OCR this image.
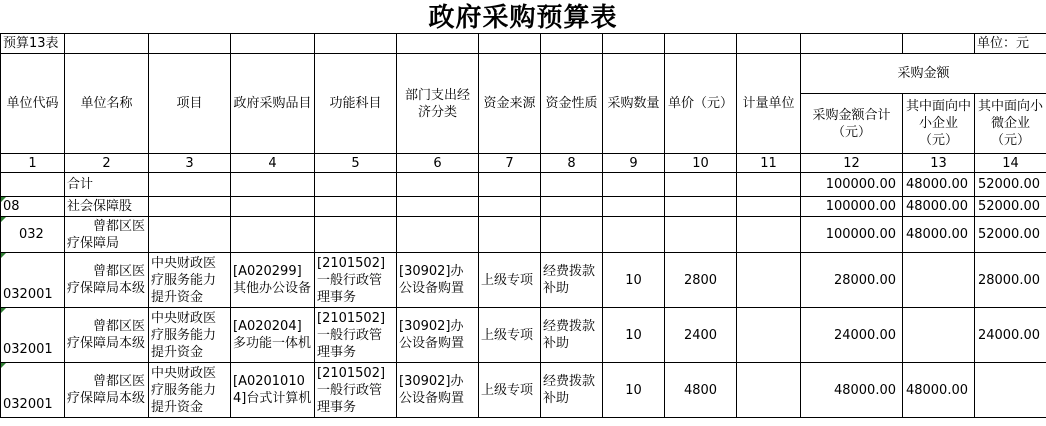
政府采购预算表
预算13表													单位：元
单位代码	单位名称	项目	政府采购品目	功能科目	部门支出经济分类	资金来源	资金性质	采购数量	单价（元）	计量单位	采购金额		
											采购金额合计（元）	其中面向中小企业（元）	其中面向小微企业（元）
1	2	3	4	5	6	7	8	9	10	11	12	13	14
	合计										100000.00	48000.00	52000.00
08	社会保障股										100000.00	48000.00	52000.00
032	曾都区医疗保障局										100000.00	48000.00	52000.00
032001	曾都区医疗保障局本级	中央财政医疗服务能力提升资金	[A020299]其他办公设备	[2101502]一般行政管理事务	[30902]办公设备购置	上级专项	经费拨款补助	10	2800		28000.00		28000.00
032001	曾都区医疗保障局本级	中央财政医疗服务能力提升资金	[A020204]多功能一体机	[2101502]一般行政管理事务	[30902]办公设备购置	上级专项	经费拨款补助	10	2400		24000.00		24000.00
032001	曾都区医疗保障局本级	中央财政医疗服务能力提升资金	[A02010104]台式计算机	[2101502]一般行政管理事务	[30902]办公设备购置	上级专项	经费拨款补助	10	4800		48000.00	48000.00	
